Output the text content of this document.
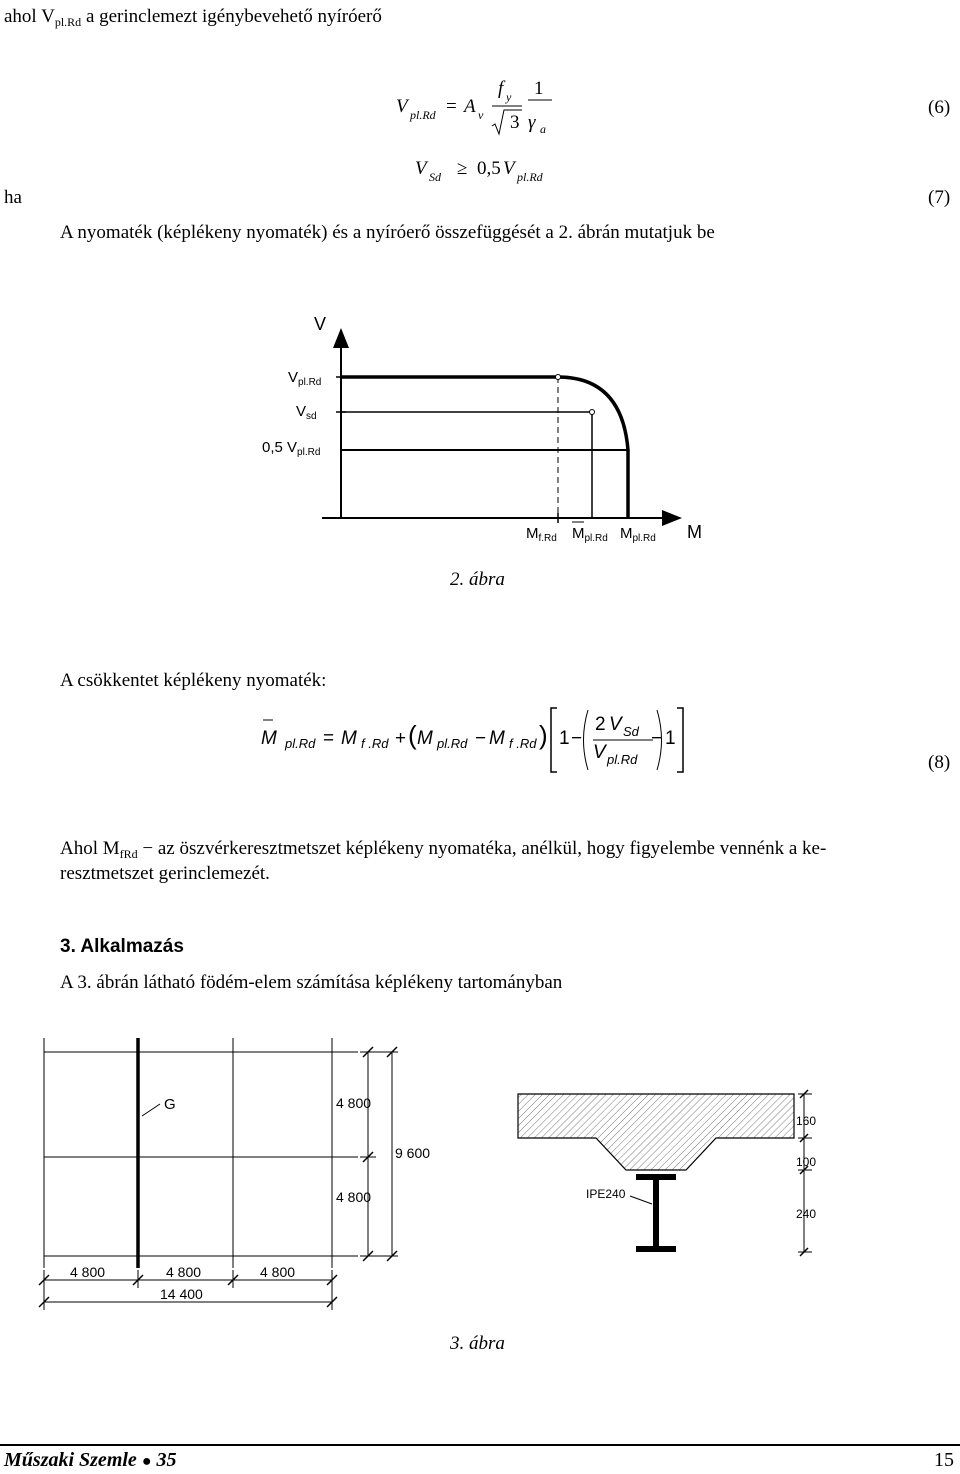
ahol $V_{pl.Rd}$ a gerinclemezt igénybevehető nyíróerő
V pl.Rd = A v
f y
3
1
γ a
(6)
V Sd ≥ 0,5 V pl.Rd
ha	(7)
A nyomaték (képlékeny nyomaték) és a nyíróerő összefüggését a 2. ábrán mutatjuk be
V
M
$V_{pl.Rd}$
$V_{sd}$
0,5 $V_{pl.Rd}$
$M_{f.Rd}$ $M_{pl.Rd}$ $M_{pl.Rd}$
2. ábra
A csökkentet képlékeny nyomaték:
M pl.Rd = M f .Rd + ( M pl.Rd − M f .Rd ) 1 −
2 V Sd
V pl.Rd
− 1
(8)
Ahol $M_{fRd}$ − az öszvérkeresztmetszet képlékeny nyomatéka, anélkül, hogy figyelembe vennénk a ke-
resztmetszet gerinclemezét.
3. Alkalmazás
A 3. ábrán látható födém-elem számítása képlékeny tartományban
G	4 800
9 600
4 800
4 800	4 800	4 800
14 400
IPE240
160
100
240
3. ábra
Műszaki Szemle ● 35	15
